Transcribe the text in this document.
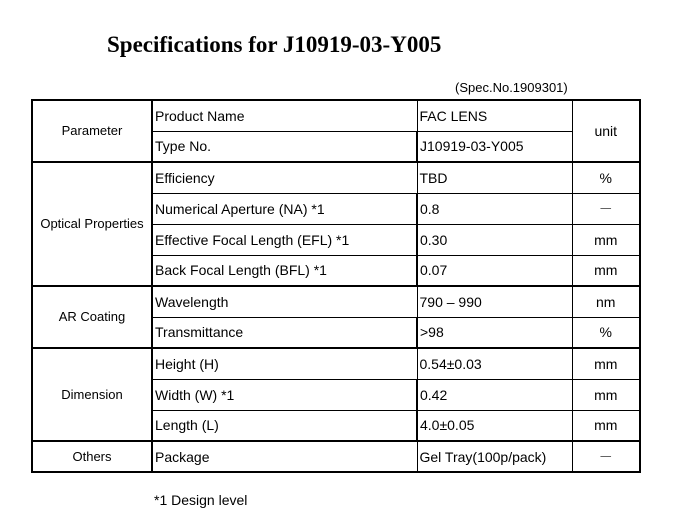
Specifications for J10919-03-Y005
(Spec.No.1909301)
Parameter	Product Name	FAC LENS	unit
	Type No.	J10919-03-Y005	
Optical Properties	Efficiency	TBD	%
	Numerical Aperture (NA) *1	0.8	－
	Effective Focal Length (EFL) *1	0.30	mm
	Back Focal Length (BFL) *1	0.07	mm
AR Coating	Wavelength	790 – 990	nm
	Transmittance	>98	%
Dimension	Height (H)	0.54±0.03	mm
	Width (W) *1	0.42	mm
	Length (L)	4.0±0.05	mm
Others	Package	Gel Tray(100p/pack)	－
*1 Design level
